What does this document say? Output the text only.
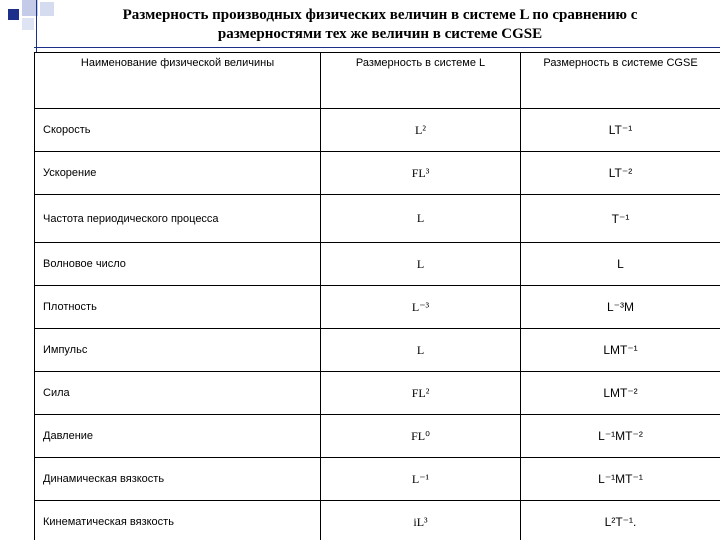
Размерность производных физических величин в системе L по сравнению с
размерностями тех же величин в системе CGSE
Наименование физической величины	Размерность в системе L	Размерность в системе CGSE
Скорость	L²	LT⁻¹
Ускорение	FL³	LT⁻²
Частота периодического процесса	L	T⁻¹
Волновое число	L	L
Плотность	L⁻³	L⁻³M
Импульс	L	LMT⁻¹
Сила	FL²	LMT⁻²
Давление	FL⁰	L⁻¹MT⁻²
Динамическая вязкость	L⁻¹	L⁻¹MT⁻¹
Кинематическая вязкость	iL³	L²T⁻¹.
